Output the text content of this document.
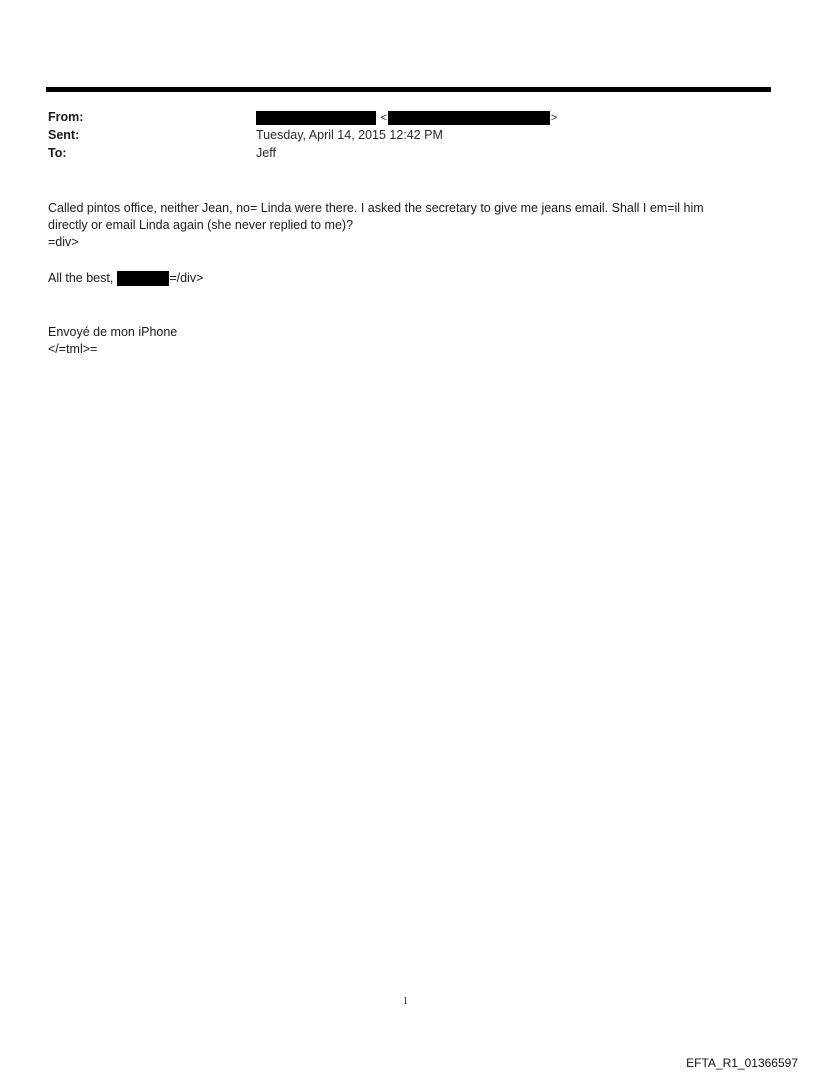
From:	<	>
Sent:	Tuesday, April 14, 2015 12:42 PM
To:	Jeff
Called pintos office, neither Jean, no= Linda were there. I asked the secretary to give me jeans email. Shall I em=il him
directly or email Linda again (she never replied to me)?
=div>
All the best,	=/div>
Envoyé de mon iPhone
</=tml>=
1
EFTA_R1_01366597
